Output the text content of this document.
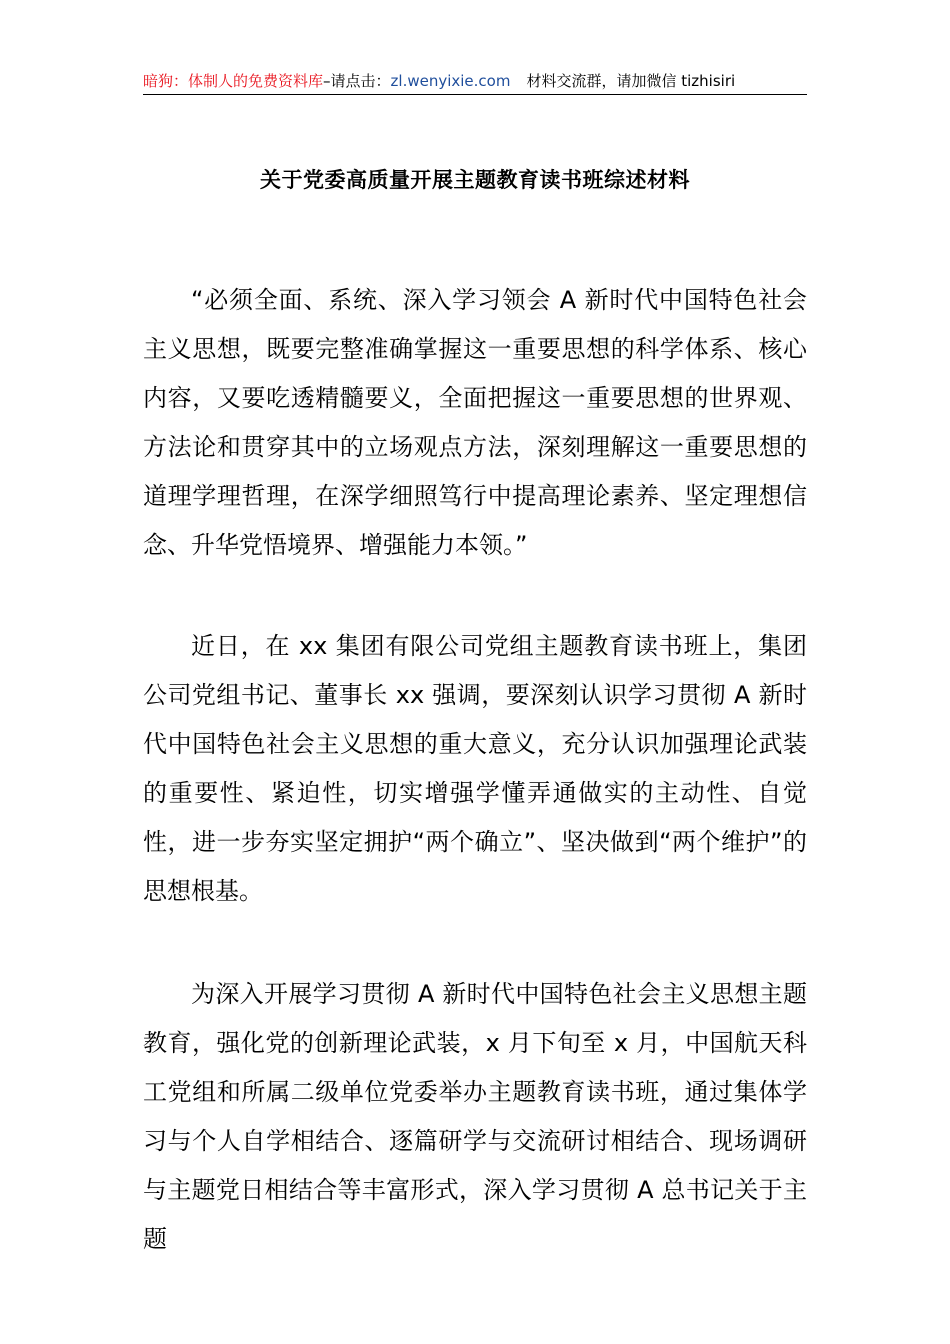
暗狗：体制人的免费资料库–请点击：zl.wenyixie.com 材料交流群，请加微信 tizhisiri
关于党委高质量开展主题教育读书班综述材料

“必须全面、系统、深入学习领会 A 新时代中国特色社会主义思想，既要完整准确掌握这一重要思想的科学体系、核心内容，又要吃透精髓要义，全面把握这一重要思想的世界观、方法论和贯穿其中的立场观点方法，深刻理解这一重要思想的道理学理哲理，在深学细照笃行中提高理论素养、坚定理想信念、升华党悟境界、增强能力本领。”

近日，在 xx 集团有限公司党组主题教育读书班上，集团公司党组书记、董事长 xx 强调，要深刻认识学习贯彻 A 新时代中国特色社会主义思想的重大意义，充分认识加强理论武装的重要性、紧迫性，切实增强学懂弄通做实的主动性、自觉性，进一步夯实坚定拥护“两个确立”、坚决做到“两个维护”的思想根基。

为深入开展学习贯彻 A 新时代中国特色社会主义思想主题教育，强化党的创新理论武装，x 月下旬至 x 月，中国航天科工党组和所属二级单位党委举办主题教育读书班，通过集体学习与个人自学相结合、逐篇研学与交流研讨相结合、现场调研与主题党日相结合等丰富形式，深入学习贯彻 A 总书记关于主题
